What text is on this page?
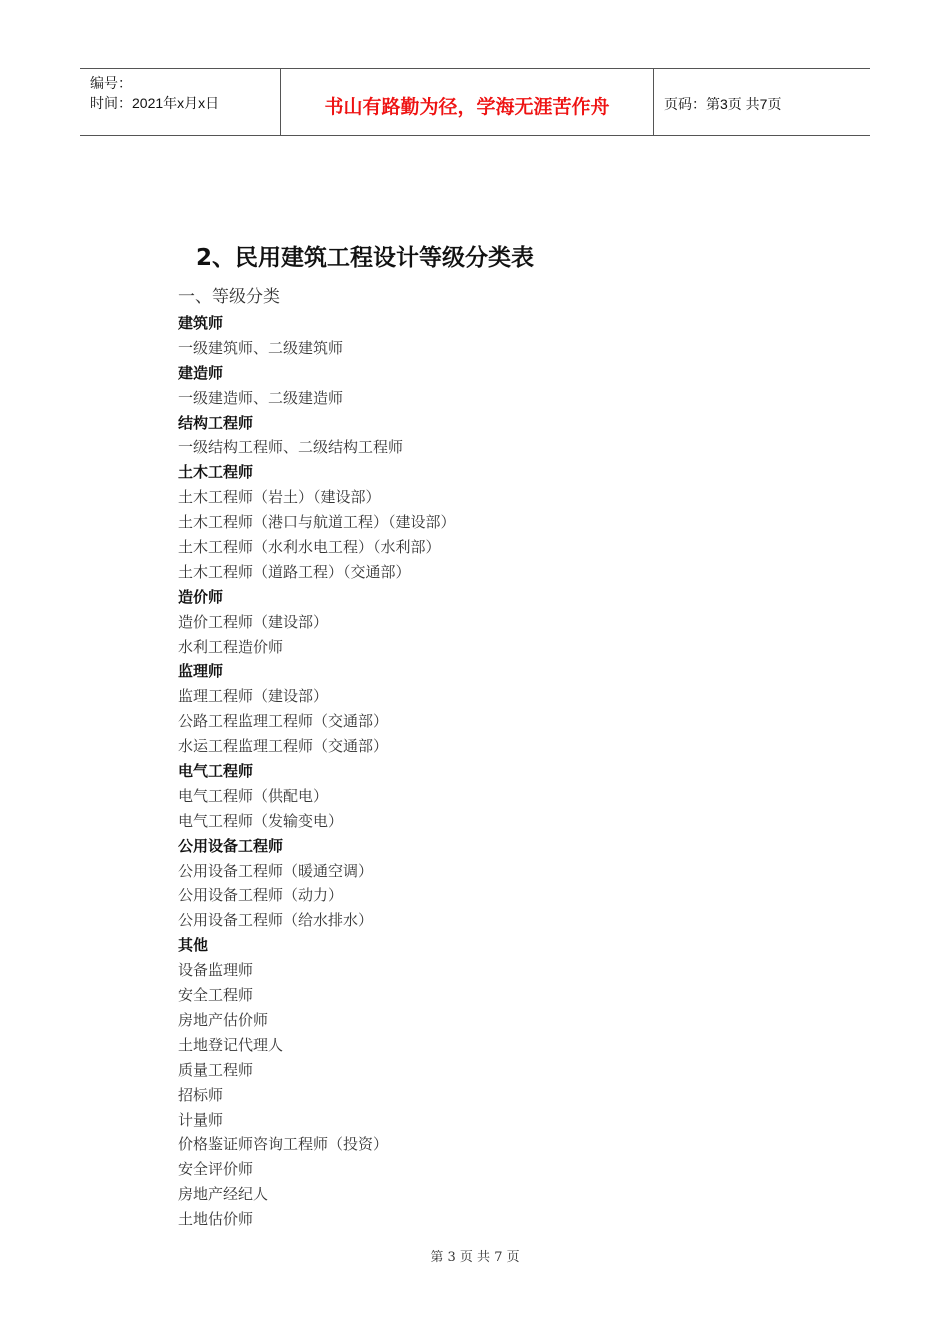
编号：
时间：2021年x月x日	书山有路勤为径，学海无涯苦作舟	页码：第3页 共7页
2、民用建筑工程设计等级分类表
一、等级分类
建筑师
一级建筑师、二级建筑师
建造师
一级建造师、二级建造师
结构工程师
一级结构工程师、二级结构工程师
土木工程师
土木工程师（岩土）（建设部）
土木工程师（港口与航道工程）（建设部）
土木工程师（水利水电工程）（水利部）
土木工程师（道路工程）（交通部）
造价师
造价工程师（建设部）
水利工程造价师
监理师
监理工程师（建设部）
公路工程监理工程师（交通部）
水运工程监理工程师（交通部）
电气工程师
电气工程师（供配电）
电气工程师（发输变电）
公用设备工程师
公用设备工程师（暖通空调）
公用设备工程师（动力）
公用设备工程师（给水排水）
其他
设备监理师
安全工程师
房地产估价师
土地登记代理人
质量工程师
招标师
计量师
价格鉴证师咨询工程师（投资）
安全评价师
房地产经纪人
土地估价师
第 3 页 共 7 页
